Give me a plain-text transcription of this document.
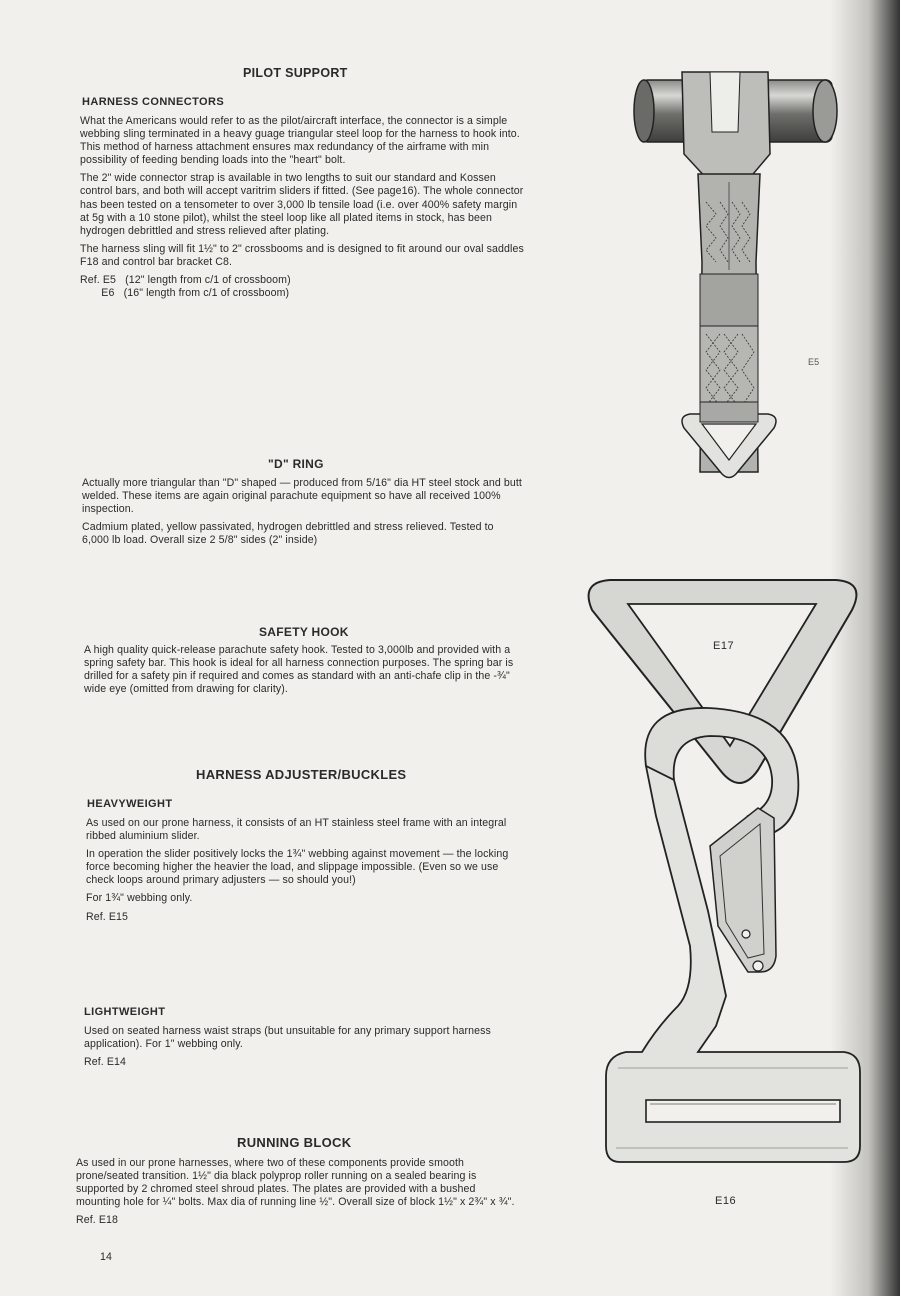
PILOT SUPPORT
HARNESS CONNECTORS

What the Americans would refer to as the pilot/aircraft interface, the connector is a simple webbing sling terminated in a heavy guage triangular steel loop for the harness to hook into. This method of harness attachment ensures max redundancy of the airframe with min possibility of feeding bending loads into the "heart" bolt.

The 2" wide connector strap is available in two lengths to suit our standard and Kossen control bars, and both will accept varitrim sliders if fitted. (See page16). The whole connector has been tested on a tensometer to over 3,000 lb tensile load (i.e. over 400% safety margin at 5g with a 10 stone pilot), whilst the steel loop like all plated items in stock, has been hydrogen debrittled and stress relieved after plating.

The harness sling will fit 1½" to 2" crossbooms and is designed to fit around our oval saddles F18 and control bar bracket C8.

Ref. E5   (12" length from c/1 of crossboom)
E6   (16" length from c/1 of crossboom)
"D" RING

Actually more triangular than "D" shaped — produced from 5/16" dia HT steel stock and butt welded. These items are again original parachute equipment so have all received 100% inspection.

Cadmium plated, yellow passivated, hydrogen debrittled and stress relieved. Tested to 6,000 lb load. Overall size 2 5/8" sides (2" inside)

SAFETY HOOK

A high quality quick-release parachute safety hook. Tested to 3,000lb and provided with a spring safety bar. This hook is ideal for all harness connection purposes. The spring bar is drilled for a safety pin if required and comes as standard with an anti-chafe clip in the -¾" wide eye (omitted from drawing for clarity).

HARNESS ADJUSTER/BUCKLES
HEAVYWEIGHT

As used on our prone harness, it consists of an HT stainless steel frame with an integral ribbed aluminium slider.

In operation the slider positively locks the 1¾" webbing against movement — the locking force becoming higher the heavier the load, and slippage impossible. (Even so we use check loops around primary adjusters — so should you!)

For 1¾" webbing only.

Ref. E15
LIGHTWEIGHT

Used on seated harness waist straps (but unsuitable for any primary support harness application). For 1" webbing only.

Ref. E14
RUNNING BLOCK

As used in our prone harnesses, where two of these components provide smooth prone/seated transition. 1½" dia black polyprop roller running on a sealed bearing is supported by 2 chromed steel shroud plates. The plates are provided with a bushed mounting hole for ¼" bolts. Max dia of running line ½". Overall size of block 1½" x 2¾" x ¾".

Ref. E18
14
E5
E17
E16
